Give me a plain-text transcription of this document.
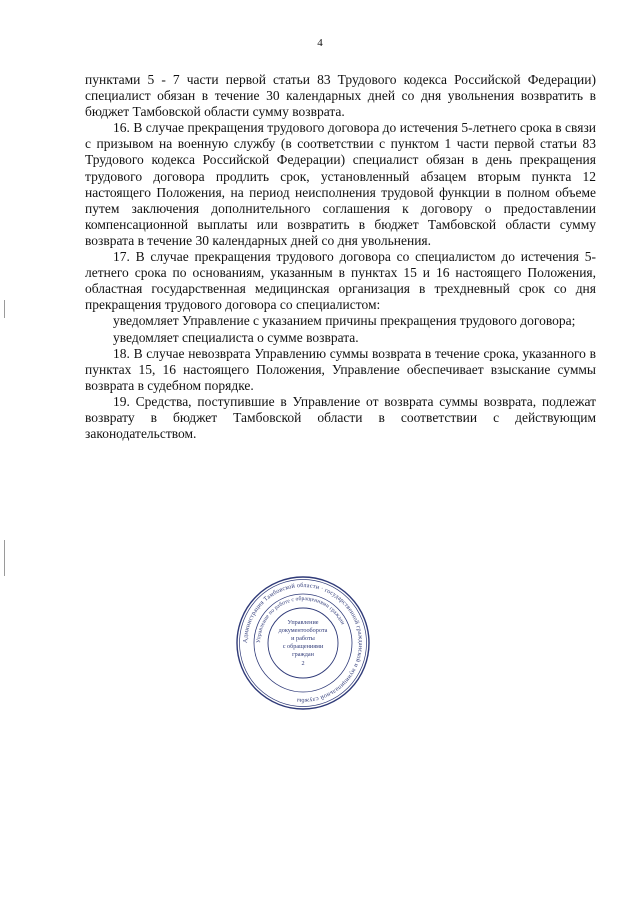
4

пунктами 5 - 7 части первой статьи 83 Трудового кодекса Российской Федерации) специалист обязан в течение 30 календарных дней со дня увольнения возвратить в бюджет Тамбовской области сумму возврата.

16. В случае прекращения трудового договора до истечения 5-летнего срока в связи с призывом на военную службу (в соответствии с пунктом 1 части первой статьи 83 Трудового кодекса Российской Федерации) специалист обязан в день прекращения трудового договора продлить срок, установленный абзацем вторым пункта 12 настоящего Положения, на период неисполнения трудовой функции в полном объеме путем заключения дополнительного соглашения к договору о предоставлении компенсационной выплаты или возвратить в бюджет Тамбовской области сумму возврата в течение 30 календарных дней со дня увольнения.

17. В случае прекращения трудового договора со специалистом до истечения 5-летнего срока по основаниям, указанным в пунктах 15 и 16 настоящего Положения, областная государственная медицинская организация в трехдневный срок со дня прекращения трудового договора со специалистом:

уведомляет Управление с указанием причины прекращения трудового договора;

уведомляет специалиста о сумме возврата.

18. В случае невозврата Управлению суммы возврата в течение срока, указанного в пунктах 15, 16 настоящего Положения, Управление обеспечивает взыскание суммы возврата в судебном порядке.

19. Средства, поступившие в Управление от возврата суммы возврата, подлежат возврату в бюджет Тамбовской области в соответствии с действующим законодательством.

Администрация Тамбовской области · государственной гражданской и муниципальной службы
Управление по работе с обращениями граждан
Управление
документооборота
и работы
с обращениями
граждан
2
